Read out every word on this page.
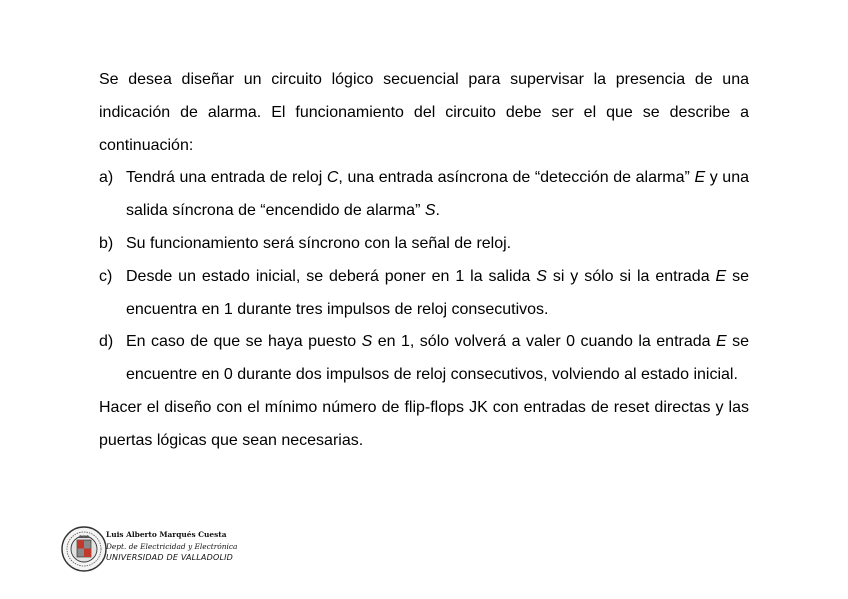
Se desea diseñar un circuito lógico secuencial para supervisar la presencia de una indicación de alarma. El funcionamiento del circuito debe ser el que se describe a continuación:

a) Tendrá una entrada de reloj C, una entrada asíncrona de “detección de alarma” E y una salida síncrona de “encendido de alarma” S.
b) Su funcionamiento será síncrono con la señal de reloj.
c) Desde un estado inicial, se deberá poner en 1 la salida S si y sólo si la entrada E se encuentra en 1 durante tres impulsos de reloj consecutivos.
d) En caso de que se haya puesto S en 1, sólo volverá a valer 0 cuando la entrada E se encuentre en 0 durante dos impulsos de reloj consecutivos, volviendo al estado inicial.

Hacer el diseño con el mínimo número de flip-flops JK con entradas de reset directas y las puertas lógicas que sean necesarias.

Luis Alberto Marqués Cuesta
Dept. de Electricidad y Electrónica
UNIVERSIDAD DE VALLADOLID
